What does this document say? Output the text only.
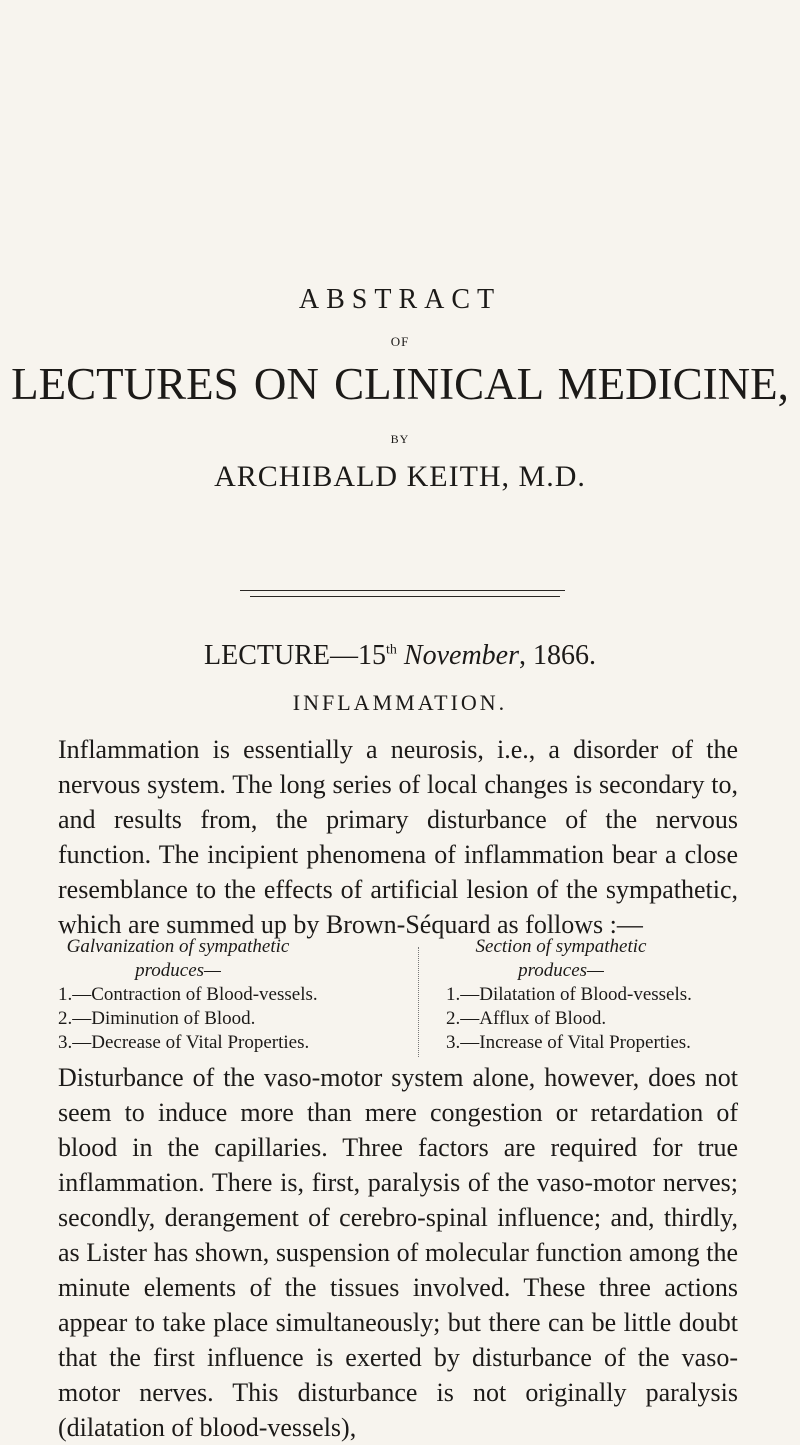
ABSTRACT
OF
LECTURES ON CLINICAL MEDICINE,
BY
ARCHIBALD KEITH, M.D.
LECTURE—15th November, 1866.
INFLAMMATION.
Inflammation is essentially a neurosis, i.e., a disorder of the nervous system. The long series of local changes is secondary to, and results from, the primary disturbance of the nervous function. The incipient phenomena of inflammation bear a close resemblance to the effects of artificial lesion of the sympathetic, which are summed up by Brown-Séquard as follows :—
Galvanization of sympathetic
produces—
1.—Contraction of Blood-vessels.
2.—Diminution of Blood.
3.—Decrease of Vital Properties.
Section of sympathetic
produces—
1.—Dilatation of Blood-vessels.
2.—Afflux of Blood.
3.—Increase of Vital Properties.
Disturbance of the vaso-motor system alone, however, does not seem to induce more than mere congestion or retardation of blood in the capillaries. Three factors are required for true inflammation. There is, first, paralysis of the vaso-motor nerves; secondly, derangement of cerebro-spinal influence; and, thirdly, as Lister has shown, suspension of molecular function among the minute elements of the tissues involved. These three actions appear to take place simultaneously; but there can be little doubt that the first influence is exerted by disturbance of the vaso-motor nerves. This disturbance is not originally paralysis (dilatation of blood-vessels),
